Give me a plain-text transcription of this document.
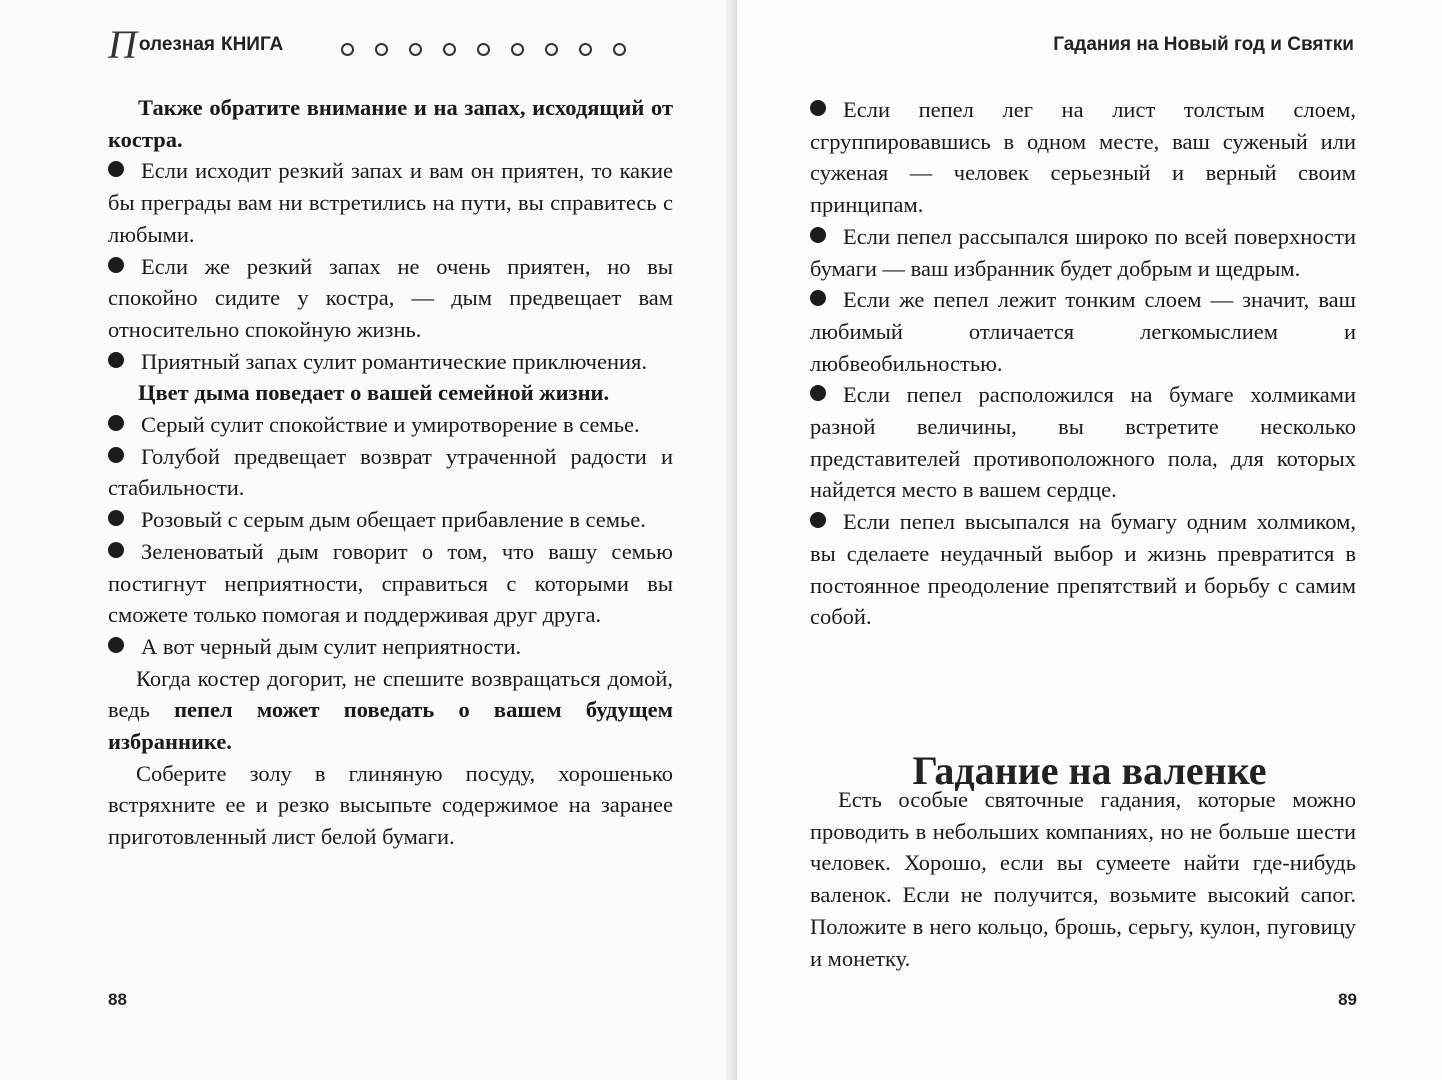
П олезная КНИГА

Также обратите внимание и на запах, исходящий от костра.

Если исходит резкий запах и вам он приятен, то какие бы преграды вам ни встретились на пути, вы справитесь с любыми.

Если же резкий запах не очень приятен, но вы спокойно сидите у костра, — дым предвещает вам относительно спокойную жизнь.

Приятный запах сулит романтические приключения.

Цвет дыма поведает о вашей семейной жизни.

Серый сулит спокойствие и умиротворение в семье.

Голубой предвещает возврат утраченной радости и стабильности.

Розовый с серым дым обещает прибавление в семье.

Зеленоватый дым говорит о том, что вашу семью постигнут неприятности, справиться с которыми вы сможете только помогая и поддерживая друг друга.

А вот черный дым сулит неприятности.

Когда костер догорит, не спешите возвращаться домой, ведь пепел может поведать о вашем будущем избраннике.

Соберите золу в глиняную посуду, хорошенько встряхните ее и резко высыпьте содержимое на заранее приготовленный лист белой бумаги.

88
Гадания на Новый год и Святки

Если пепел лег на лист толстым слоем, сгруппировавшись в одном месте, ваш суженый или суженая — человек серьезный и верный своим принципам.

Если пепел рассыпался широко по всей поверхности бумаги — ваш избранник будет добрым и щедрым.

Если же пепел лежит тонким слоем — значит, ваш любимый отличается легкомыслием и любвеобильностью.

Если пепел расположился на бумаге холмиками разной величины, вы встретите несколько представителей противоположного пола, для которых найдется место в вашем сердце.

Если пепел высыпался на бумагу одним холмиком, вы сделаете неудачный выбор и жизнь превратится в постоянное преодоление препятствий и борьбу с самим собой.

Гадание на валенке

Есть особые святочные гадания, которые можно проводить в небольших компаниях, но не больше шести человек. Хорошо, если вы сумеете найти где-нибудь валенок. Если не получится, возьмите высокий сапог. Положите в него кольцо, брошь, серьгу, кулон, пуговицу и монетку.

89
